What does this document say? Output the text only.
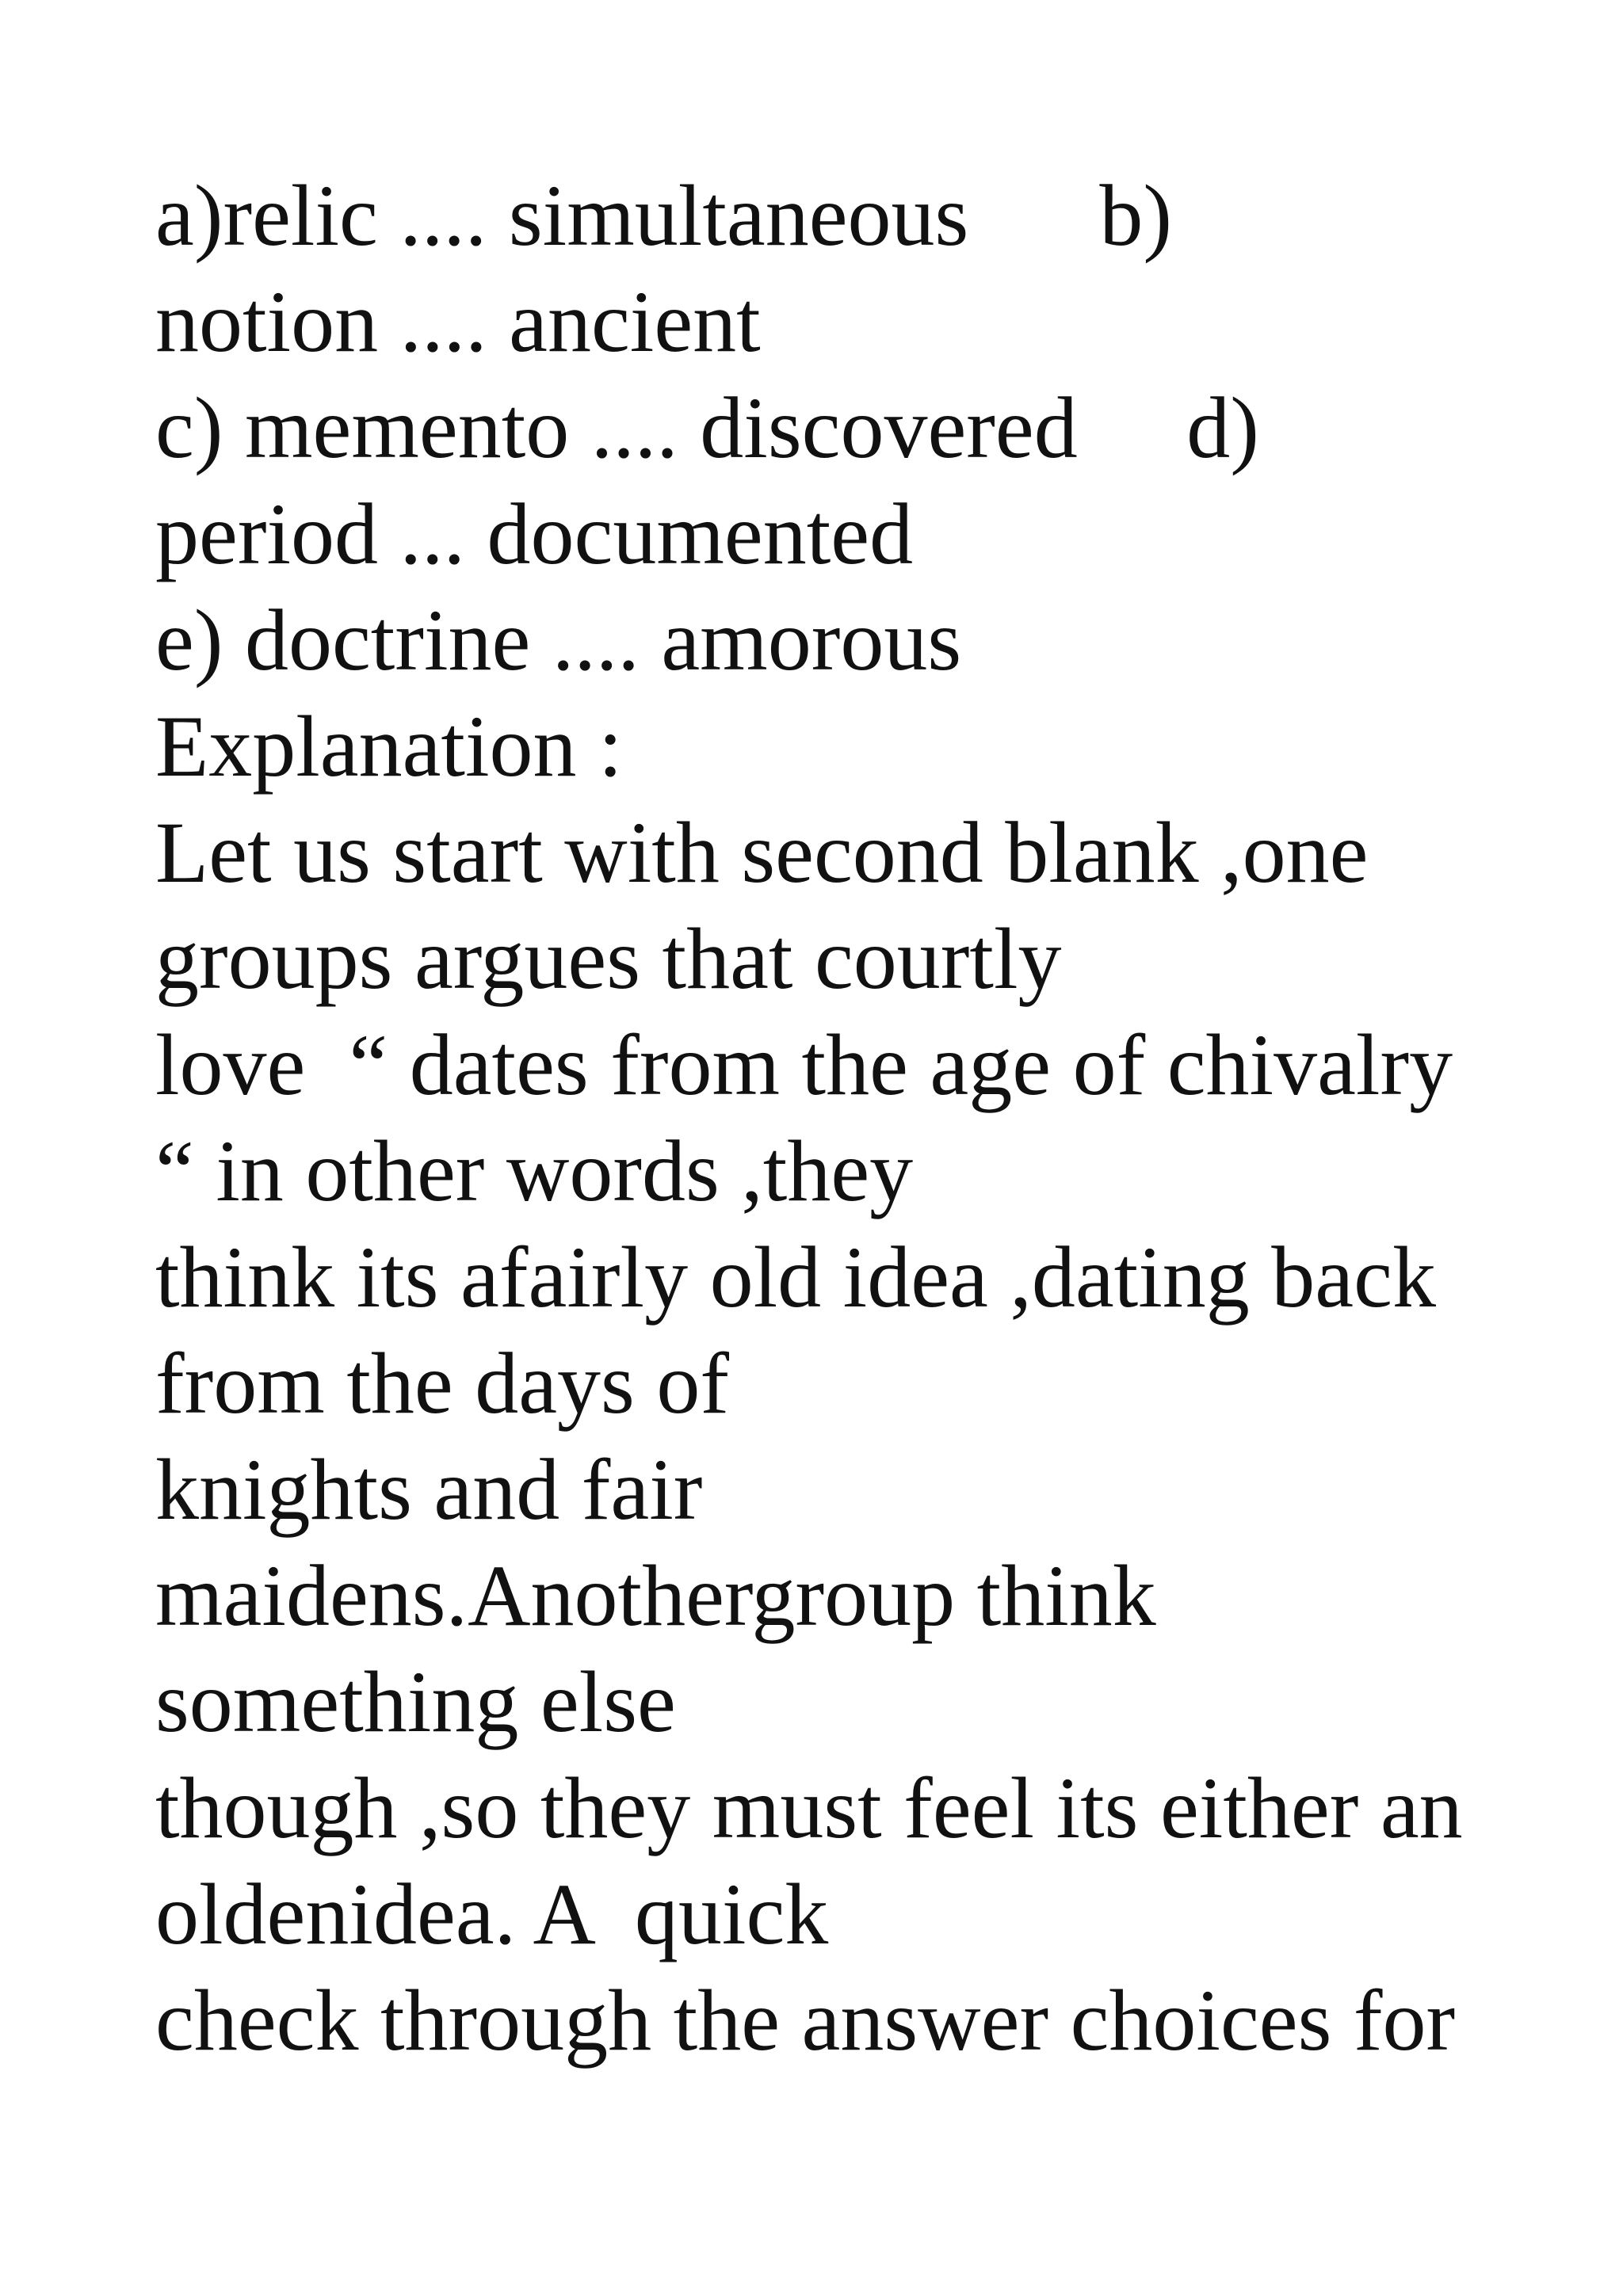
a)relic .... simultaneous      b)
notion .... ancient
c) memento .... discovered     d)
period ... documented
e) doctrine .... amorous
Explanation :
Let us start with second blank ,one
groups argues that courtly
love  “ dates from the age of chivalry
“ in other words ,they
think its afairly old idea ,dating back
from the days of
knights and fair
maidens.Anothergroup think
something else
though ,so they must feel its either an
oldenidea. A  quick
check through the answer choices for
